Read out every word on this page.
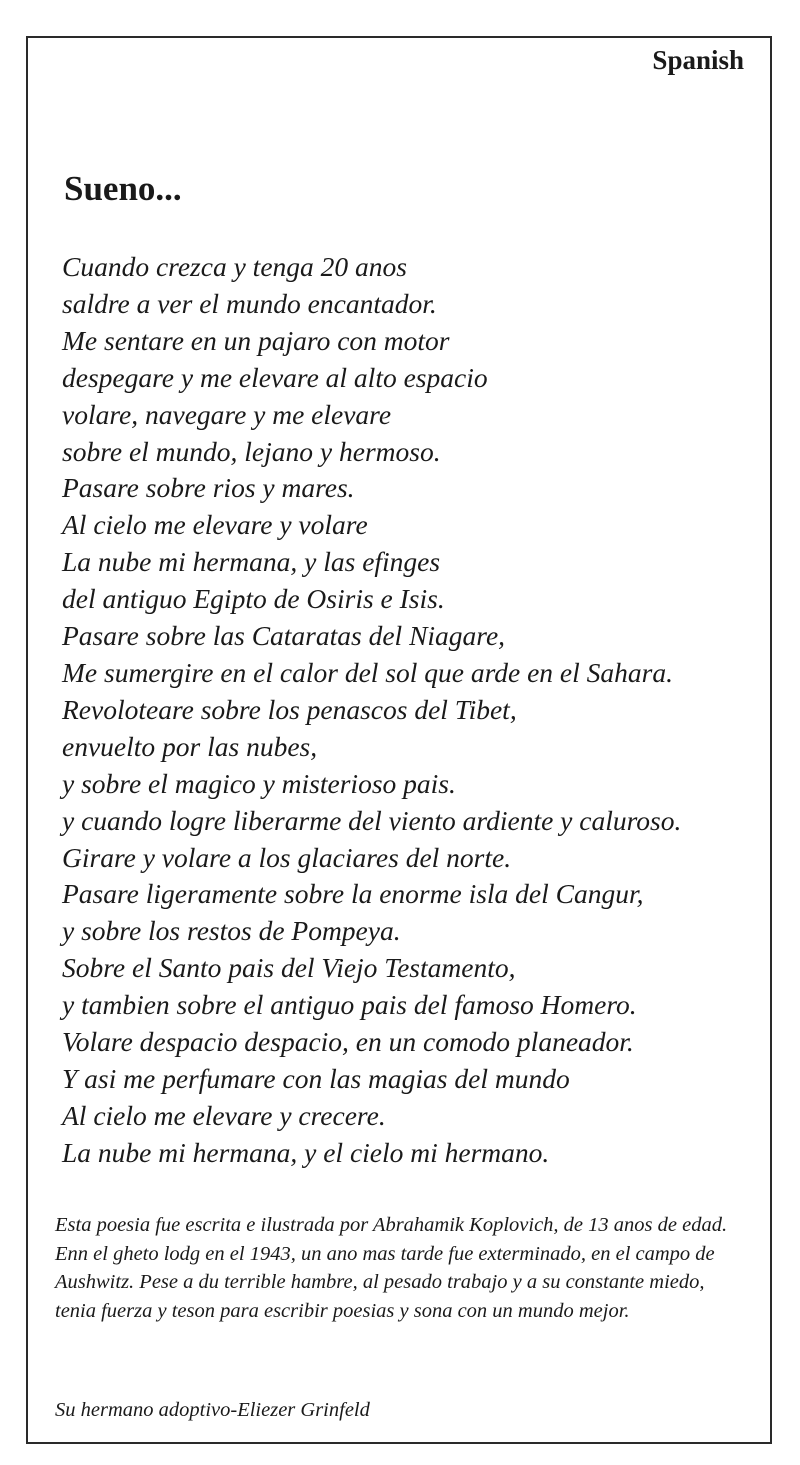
Spanish
Sueno...
Cuando crezca y tenga 20 anos
saldre a ver el mundo encantador.
Me sentare en un pajaro con motor
despegare y me elevare al alto espacio
volare, navegare y me elevare
sobre el mundo, lejano y hermoso.
Pasare sobre rios y mares.
Al cielo me elevare y volare
La nube mi hermana, y las efinges
del antiguo Egipto de Osiris e Isis.
Pasare sobre las Cataratas del Niagare,
Me sumergire en el calor del sol que arde en el Sahara.
Revoloteare sobre los penascos del Tibet,
envuelto por las nubes,
y sobre el magico y misterioso pais.
y cuando logre liberarme del viento ardiente y caluroso.
Girare y volare a los glaciares del norte.
Pasare ligeramente sobre la enorme isla del Cangur,
y sobre los restos de Pompeya.
Sobre el Santo pais del Viejo Testamento,
y tambien sobre el antiguo pais del famoso Homero.
Volare despacio despacio, en un comodo planeador.
Y asi me perfumare con las magias del mundo
Al cielo me elevare y crecere.
La nube mi hermana, y el cielo mi hermano.

Esta poesia fue escrita e ilustrada por Abrahamik Koplovich, de 13 anos de edad. Enn el gheto lodg en el 1943, un ano mas tarde fue exterminado, en el campo de Aushwitz. Pese a du terrible hambre, al pesado trabajo y a su constante miedo, tenia fuerza y teson para escribir poesias y sona con un mundo mejor.

Su hermano adoptivo-Eliezer Grinfeld
